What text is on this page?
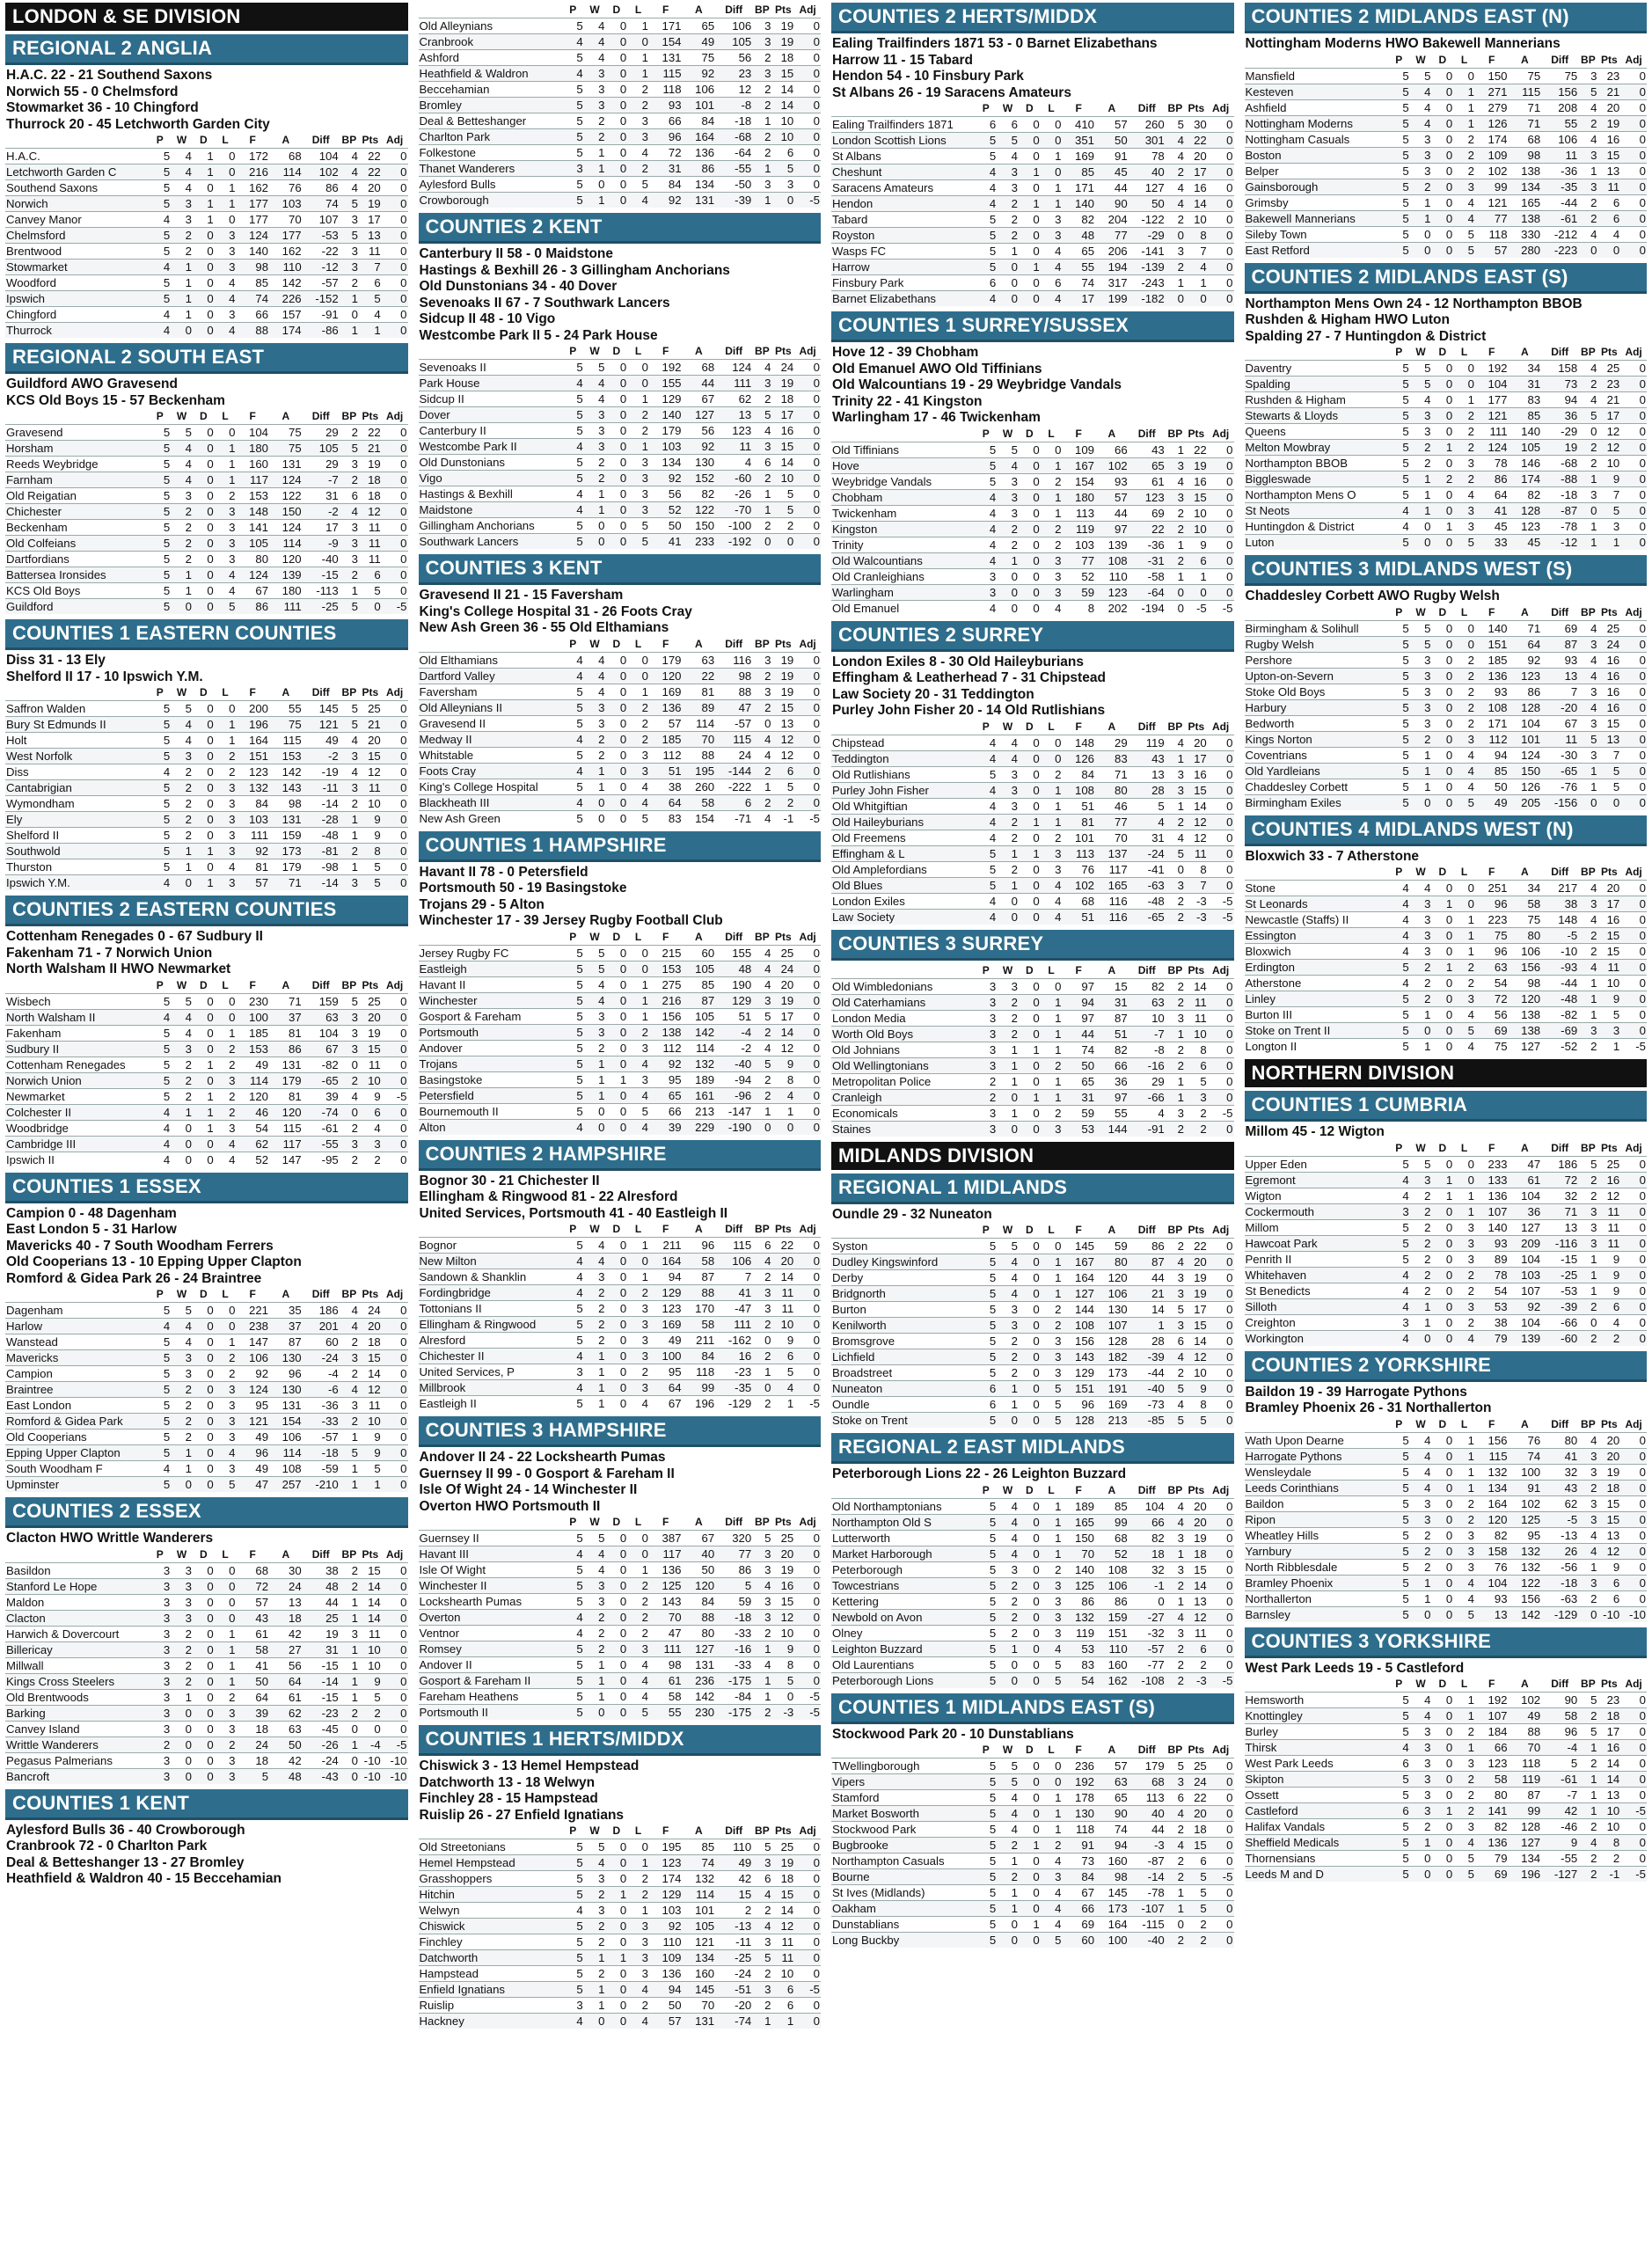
LONDON & SE DIVISION
REGIONAL 2 ANGLIA
H.A.C. 22 - 21 Southend Saxons
Norwich 55 - 0 Chelmsford
Stowmarket 36 - 10 Chingford
Thurrock 20 - 45 Letchworth Garden City
	P	W	D	L	F	A	Diff	BP	Pts	Adj
H.A.C.	5	4	1	0	172	68	104	4	22	0
Letchworth Garden C	5	4	1	0	216	114	102	4	22	0
Southend Saxons	5	4	0	1	162	76	86	4	20	0
Norwich	5	3	1	1	177	103	74	5	19	0
Canvey Manor	4	3	1	0	177	70	107	3	17	0
Chelmsford	5	2	0	3	124	177	-53	5	13	0
Brentwood	5	2	0	3	140	162	-22	3	11	0
Stowmarket	4	1	0	3	98	110	-12	3	7	0
Woodford	5	1	0	4	85	142	-57	2	6	0
Ipswich	5	1	0	4	74	226	-152	1	5	0
Chingford	4	1	0	3	66	157	-91	0	4	0
Thurrock	4	0	0	4	88	174	-86	1	1	0
REGIONAL 2 SOUTH EAST
Guildford AWO Gravesend
KCS Old Boys 15 - 57 Beckenham
	P	W	D	L	F	A	Diff	BP	Pts	Adj
Gravesend	5	5	0	0	104	75	29	2	22	0
Horsham	5	4	0	1	180	75	105	5	21	0
Reeds Weybridge	5	4	0	1	160	131	29	3	19	0
Farnham	5	4	0	1	117	124	-7	2	18	0
Old Reigatian	5	3	0	2	153	122	31	6	18	0
Chichester	5	2	0	3	148	150	-2	4	12	0
Beckenham	5	2	0	3	141	124	17	3	11	0
Old Colfeians	5	2	0	3	105	114	-9	3	11	0
Dartfordians	5	2	0	3	80	120	-40	3	11	0
Battersea Ironsides	5	1	0	4	124	139	-15	2	6	0
KCS Old Boys	5	1	0	4	67	180	-113	1	5	0
Guildford	5	0	0	5	86	111	-25	5	0	-5
COUNTIES 1 EASTERN COUNTIES
Diss 31 - 13 Ely
Shelford II 17 - 10 Ipswich Y.M.
	P	W	D	L	F	A	Diff	BP	Pts	Adj
Saffron Walden	5	5	0	0	200	55	145	5	25	0
Bury St Edmunds II	5	4	0	1	196	75	121	5	21	0
Holt	5	4	0	1	164	115	49	4	20	0
West Norfolk	5	3	0	2	151	153	-2	3	15	0
Diss	4	2	0	2	123	142	-19	4	12	0
Cantabrigian	5	2	0	3	132	143	-11	3	11	0
Wymondham	5	2	0	3	84	98	-14	2	10	0
Ely	5	2	0	3	103	131	-28	1	9	0
Shelford II	5	2	0	3	111	159	-48	1	9	0
Southwold	5	1	1	3	92	173	-81	2	8	0
Thurston	5	1	0	4	81	179	-98	1	5	0
Ipswich Y.M.	4	0	1	3	57	71	-14	3	5	0
COUNTIES 2 EASTERN COUNTIES
Cottenham Renegades 0 - 67 Sudbury II
Fakenham 71 - 7 Norwich Union
North Walsham II HWO Newmarket
	P	W	D	L	F	A	Diff	BP	Pts	Adj
Wisbech	5	5	0	0	230	71	159	5	25	0
North Walsham II	4	4	0	0	100	37	63	3	20	0
Fakenham	5	4	0	1	185	81	104	3	19	0
Sudbury II	5	3	0	2	153	86	67	3	15	0
Cottenham Renegades	5	2	1	2	49	131	-82	0	11	0
Norwich Union	5	2	0	3	114	179	-65	2	10	0
Newmarket	5	2	1	2	120	81	39	4	9	-5
Colchester II	4	1	1	2	46	120	-74	0	6	0
Woodbridge	4	0	1	3	54	115	-61	2	4	0
Cambridge III	4	0	0	4	62	117	-55	3	3	0
Ipswich II	4	0	0	4	52	147	-95	2	2	0
COUNTIES 1 ESSEX
Campion 0 - 48 Dagenham
East London 5 - 31 Harlow
Mavericks 40 - 7 South Woodham Ferrers
Old Cooperians 13 - 10 Epping Upper Clapton
Romford & Gidea Park 26 - 24 Braintree
	P	W	D	L	F	A	Diff	BP	Pts	Adj
Dagenham	5	5	0	0	221	35	186	4	24	0
Harlow	4	4	0	0	238	37	201	4	20	0
Wanstead	5	4	0	1	147	87	60	2	18	0
Mavericks	5	3	0	2	106	130	-24	3	15	0
Campion	5	3	0	2	92	96	-4	2	14	0
Braintree	5	2	0	3	124	130	-6	4	12	0
East London	5	2	0	3	95	131	-36	3	11	0
Romford & Gidea Park	5	2	0	3	121	154	-33	2	10	0
Old Cooperians	5	2	0	3	49	106	-57	1	9	0
Epping Upper Clapton	5	1	0	4	96	114	-18	5	9	0
South Woodham F	4	1	0	3	49	108	-59	1	5	0
Upminster	5	0	0	5	47	257	-210	1	1	0
COUNTIES 2 ESSEX
Clacton HWO Writtle Wanderers
	P	W	D	L	F	A	Diff	BP	Pts	Adj
Basildon	3	3	0	0	68	30	38	2	15	0
Stanford Le Hope	3	3	0	0	72	24	48	2	14	0
Maldon	3	3	0	0	57	13	44	1	14	0
Clacton	3	3	0	0	43	18	25	1	14	0
Harwich & Dovercourt	3	2	0	1	61	42	19	3	11	0
Billericay	3	2	0	1	58	27	31	1	10	0
Millwall	3	2	0	1	41	56	-15	1	10	0
Kings Cross Steelers	3	2	0	1	50	64	-14	1	9	0
Old Brentwoods	3	1	0	2	64	61	-15	1	5	0
Barking	3	0	0	3	39	62	-23	2	2	0
Canvey Island	3	0	0	3	18	63	-45	0	0	0
Writtle Wanderers	2	0	0	2	24	50	-26	1	-4	-5
Pegasus Palmerians	3	0	0	3	18	42	-24	0	-10	-10
Bancroft	3	0	0	3	5	48	-43	0	-10	-10
COUNTIES 1 KENT
Aylesford Bulls 36 - 40 Crowborough
Cranbrook 72 - 0 Charlton Park
Deal & Betteshanger 13 - 27 Bromley
Heathfield & Waldron 40 - 15 Beccehamian
	P	W	D	L	F	A	Diff	BP	Pts	Adj
Old Alleynians	5	4	0	1	171	65	106	3	19	0
Cranbrook	4	4	0	0	154	49	105	3	19	0
Ashford	5	4	0	1	131	75	56	2	18	0
Heathfield & Waldron	4	3	0	1	115	92	23	3	15	0
Beccehamian	5	3	0	2	118	106	12	2	14	0
Bromley	5	3	0	2	93	101	-8	2	14	0
Deal & Betteshanger	5	2	0	3	66	84	-18	1	10	0
Charlton Park	5	2	0	3	96	164	-68	2	10	0
Folkestone	5	1	0	4	72	136	-64	2	6	0
Thanet Wanderers	3	1	0	2	31	86	-55	1	5	0
Aylesford Bulls	5	0	0	5	84	134	-50	3	3	0
Crowborough	5	1	0	4	92	131	-39	1	0	-5
COUNTIES 2 KENT
Canterbury II 58 - 0 Maidstone
Hastings & Bexhill 26 - 3 Gillingham Anchorians
Old Dunstonians 34 - 40 Dover
Sevenoaks II 67 - 7 Southwark Lancers
Sidcup II 48 - 10 Vigo
Westcombe Park II 5 - 24 Park House
	P	W	D	L	F	A	Diff	BP	Pts	Adj
Sevenoaks II	5	5	0	0	192	68	124	4	24	0
Park House	4	4	0	0	155	44	111	3	19	0
Sidcup II	5	4	0	1	129	67	62	2	18	0
Dover	5	3	0	2	140	127	13	5	17	0
Canterbury II	5	3	0	2	179	56	123	4	16	0
Westcombe Park II	4	3	0	1	103	92	11	3	15	0
Old Dunstonians	5	2	0	3	134	130	4	6	14	0
Vigo	5	2	0	3	92	152	-60	2	10	0
Hastings & Bexhill	4	1	0	3	56	82	-26	1	5	0
Maidstone	4	1	0	3	52	122	-70	1	5	0
Gillingham Anchorians	5	0	0	5	50	150	-100	2	2	0
Southwark Lancers	5	0	0	5	41	233	-192	0	0	0
COUNTIES 3 KENT
Gravesend II 21 - 15 Faversham
King's College Hospital 31 - 26 Foots Cray
New Ash Green 36 - 55 Old Elthamians
	P	W	D	L	F	A	Diff	BP	Pts	Adj
Old Elthamians	4	4	0	0	179	63	116	3	19	0
Dartford Valley	4	4	0	0	120	22	98	2	19	0
Faversham	5	4	0	1	169	81	88	3	19	0
Old Alleynians II	5	3	0	2	136	89	47	2	15	0
Gravesend II	5	3	0	2	57	114	-57	0	13	0
Medway II	4	2	0	2	185	70	115	4	12	0
Whitstable	5	2	0	3	112	88	24	4	12	0
Foots Cray	4	1	0	3	51	195	-144	2	6	0
King's College Hospital	5	1	0	4	38	260	-222	1	5	0
Blackheath III	4	0	0	4	64	58	6	2	2	0
New Ash Green	5	0	0	5	83	154	-71	4	-1	-5
COUNTIES 1 HAMPSHIRE
Havant II 78 - 0 Petersfield
Portsmouth 50 - 19 Basingstoke
Trojans 29 - 5 Alton
Winchester 17 - 39 Jersey Rugby Football Club
	P	W	D	L	F	A	Diff	BP	Pts	Adj
Jersey Rugby FC	5	5	0	0	215	60	155	4	25	0
Eastleigh	5	5	0	0	153	105	48	4	24	0
Havant II	5	4	0	1	275	85	190	4	20	0
Winchester	5	4	0	1	216	87	129	3	19	0
Gosport & Fareham	5	3	0	1	156	105	51	5	17	0
Portsmouth	5	3	0	2	138	142	-4	2	14	0
Andover	5	2	0	3	112	114	-2	4	12	0
Trojans	5	1	0	4	92	132	-40	5	9	0
Basingstoke	5	1	1	3	95	189	-94	2	8	0
Petersfield	5	1	0	4	65	161	-96	2	4	0
Bournemouth II	5	0	0	5	66	213	-147	1	1	0
Alton	4	0	0	4	39	229	-190	0	0	0
COUNTIES 2 HAMPSHIRE
Bognor 30 - 21 Chichester II
Ellingham & Ringwood 81 - 22 Alresford
United Services, Portsmouth 41 - 40 Eastleigh II
	P	W	D	L	F	A	Diff	BP	Pts	Adj
Bognor	5	4	0	1	211	96	115	6	22	0
New Milton	4	4	0	0	164	58	106	4	20	0
Sandown & Shanklin	4	3	0	1	94	87	7	2	14	0
Fordingbridge	4	2	0	2	129	88	41	3	11	0
Tottonians II	5	2	0	3	123	170	-47	3	11	0
Ellingham & Ringwood	5	2	0	3	169	58	111	2	10	0
Alresford	5	2	0	3	49	211	-162	0	9	0
Chichester II	4	1	0	3	100	84	16	2	6	0
United Services, P	3	1	0	2	95	118	-23	1	5	0
Millbrook	4	1	0	3	64	99	-35	0	4	0
Eastleigh II	5	1	0	4	67	196	-129	2	1	-5
COUNTIES 3 HAMPSHIRE
Andover II 24 - 22 Lockshearth Pumas
Guernsey II 99 - 0 Gosport & Fareham II
Isle Of Wight 24 - 14 Winchester II
Overton HWO Portsmouth II
	P	W	D	L	F	A	Diff	BP	Pts	Adj
Guernsey II	5	5	0	0	387	67	320	5	25	0
Havant III	4	4	0	0	117	40	77	3	20	0
Isle Of Wight	5	4	0	1	136	50	86	3	19	0
Winchester II	5	3	0	2	125	120	5	4	16	0
Lockshearth Pumas	5	3	0	2	143	84	59	3	15	0
Overton	4	2	0	2	70	88	-18	3	12	0
Ventnor	4	2	0	2	47	80	-33	2	10	0
Romsey	5	2	0	3	111	127	-16	1	9	0
Andover II	5	1	0	4	98	131	-33	4	8	0
Gosport & Fareham II	5	1	0	4	61	236	-175	1	5	0
Fareham Heathens	5	1	0	4	58	142	-84	1	0	-5
Portsmouth II	5	0	0	5	55	230	-175	2	-3	-5
COUNTIES 1 HERTS/MIDDX
Chiswick 3 - 13 Hemel Hempstead
Datchworth 13 - 18 Welwyn
Finchley 28 - 15 Hampstead
Ruislip 26 - 27 Enfield Ignatians
	P	W	D	L	F	A	Diff	BP	Pts	Adj
Old Streetonians	5	5	0	0	195	85	110	5	25	0
Hemel Hempstead	5	4	0	1	123	74	49	3	19	0
Grasshoppers	5	3	0	2	174	132	42	6	18	0
Hitchin	5	2	1	2	129	114	15	4	15	0
Welwyn	4	3	0	1	103	101	2	2	14	0
Chiswick	5	2	0	3	92	105	-13	4	12	0
Finchley	5	2	0	3	110	121	-11	3	11	0
Datchworth	5	1	1	3	109	134	-25	5	11	0
Hampstead	5	2	0	3	136	160	-24	2	10	0
Enfield Ignatians	5	1	0	4	94	145	-51	3	6	-5
Ruislip	3	1	0	2	50	70	-20	2	6	0
Hackney	4	0	0	4	57	131	-74	1	1	0
COUNTIES 2 HERTS/MIDDX
Ealing Trailfinders 1871 53 - 0 Barnet Elizabethans
Harrow 11 - 15 Tabard
Hendon 54 - 10 Finsbury Park
St Albans 26 - 19 Saracens Amateurs
	P	W	D	L	F	A	Diff	BP	Pts	Adj
Ealing Trailfinders 1871	6	6	0	0	410	57	260	5	30	0
London Scottish Lions	5	5	0	0	351	50	301	4	22	0
St Albans	5	4	0	1	169	91	78	4	20	0
Cheshunt	4	3	1	0	85	45	40	2	17	0
Saracens Amateurs	4	3	0	1	171	44	127	4	16	0
Hendon	4	2	1	1	140	90	50	4	14	0
Tabard	5	2	0	3	82	204	-122	2	10	0
Royston	5	2	0	3	48	77	-29	0	8	0
Wasps FC	5	1	0	4	65	206	-141	3	7	0
Harrow	5	0	1	4	55	194	-139	2	4	0
Finsbury Park	6	0	0	6	74	317	-243	1	1	0
Barnet Elizabethans	4	0	0	4	17	199	-182	0	0	0
COUNTIES 1 SURREY/SUSSEX
Hove 12 - 39 Chobham
Old Emanuel AWO Old Tiffinians
Old Walcountians 19 - 29 Weybridge Vandals
Trinity 22 - 41 Kingston
Warlingham 17 - 46 Twickenham
	P	W	D	L	F	A	Diff	BP	Pts	Adj
Old Tiffinians	5	5	0	0	109	66	43	1	22	0
Hove	5	4	0	1	167	102	65	3	19	0
Weybridge Vandals	5	3	0	2	154	93	61	4	16	0
Chobham	4	3	0	1	180	57	123	3	15	0
Twickenham	4	3	0	1	113	44	69	2	10	0
Kingston	4	2	0	2	119	97	22	2	10	0
Trinity	4	2	0	2	103	139	-36	1	9	0
Old Walcountians	4	1	0	3	77	108	-31	2	6	0
Old Cranleighians	3	0	0	3	52	110	-58	1	1	0
Warlingham	3	0	0	3	59	123	-64	0	0	0
Old Emanuel	4	0	0	4	8	202	-194	0	-5	-5
COUNTIES 2 SURREY
London Exiles 8 - 30 Old Haileyburians
Effingham & Leatherhead 7 - 31 Chipstead
Law Society 20 - 31 Teddington
Purley John Fisher 20 - 14 Old Rutlishians
	P	W	D	L	F	A	Diff	BP	Pts	Adj
Chipstead	4	4	0	0	148	29	119	4	20	0
Teddington	4	4	0	0	126	83	43	1	17	0
Old Rutlishians	5	3	0	2	84	71	13	3	16	0
Purley John Fisher	4	3	0	1	108	80	28	3	15	0
Old Whitgiftian	4	3	0	1	51	46	5	1	14	0
Old Haileyburians	4	2	1	1	81	77	4	2	12	0
Old Freemens	4	2	0	2	101	70	31	4	12	0
Effingham & L	5	1	1	3	113	137	-24	5	11	0
Old Amplefordians	5	2	0	3	76	117	-41	0	8	0
Old Blues	5	1	0	4	102	165	-63	3	7	0
London Exiles	4	0	0	4	68	116	-48	2	-3	-5
Law Society	4	0	0	4	51	116	-65	2	-3	-5
COUNTIES 3 SURREY
	P	W	D	L	F	A	Diff	BP	Pts	Adj
Old Wimbledonians	3	3	0	0	97	15	82	2	14	0
Old Caterhamians	3	2	0	1	94	31	63	2	11	0
London Media	3	2	0	1	97	87	10	3	11	0
Worth Old Boys	3	2	0	1	44	51	-7	1	10	0
Old Johnians	3	1	1	1	74	82	-8	2	8	0
Old Wellingtonians	3	1	0	2	50	66	-16	2	6	0
Metropolitan Police	2	1	0	1	65	36	29	1	5	0
Cranleigh	2	0	1	1	31	97	-66	1	3	0
Economicals	3	1	0	2	59	55	4	3	2	-5
Staines	3	0	0	3	53	144	-91	2	2	0
MIDLANDS DIVISION
REGIONAL 1 MIDLANDS
Oundle 29 - 32 Nuneaton
	P	W	D	L	F	A	Diff	BP	Pts	Adj
Syston	5	5	0	0	145	59	86	2	22	0
Dudley Kingswinford	5	4	0	1	167	80	87	4	20	0
Derby	5	4	0	1	164	120	44	3	19	0
Bridgnorth	5	4	0	1	127	106	21	3	19	0
Burton	5	3	0	2	144	130	14	5	17	0
Kenilworth	5	3	0	2	108	107	1	3	15	0
Bromsgrove	5	2	0	3	156	128	28	6	14	0
Lichfield	5	2	0	3	143	182	-39	4	12	0
Broadstreet	5	2	0	3	129	173	-44	2	10	0
Nuneaton	6	1	0	5	151	191	-40	5	9	0
Oundle	6	1	0	5	96	169	-73	4	8	0
Stoke on Trent	5	0	0	5	128	213	-85	5	5	0
REGIONAL 2 EAST MIDLANDS
Peterborough Lions 22 - 26 Leighton Buzzard
	P	W	D	L	F	A	Diff	BP	Pts	Adj
Old Northamptonians	5	4	0	1	189	85	104	4	20	0
Northampton Old S	5	4	0	1	165	99	66	4	20	0
Lutterworth	5	4	0	1	150	68	82	3	19	0
Market Harborough	5	4	0	1	70	52	18	1	18	0
Peterborough	5	3	0	2	140	108	32	3	15	0
Towcestrians	5	2	0	3	125	106	-1	2	14	0
Kettering	5	2	0	3	86	86	0	1	13	0
Newbold on Avon	5	2	0	3	132	159	-27	4	12	0
Olney	5	2	0	3	119	151	-32	3	11	0
Leighton Buzzard	5	1	0	4	53	110	-57	2	6	0
Old Laurentians	5	0	0	5	83	160	-77	2	2	0
Peterborough Lions	5	0	0	5	54	162	-108	2	-3	-5
COUNTIES 1 MIDLANDS EAST (S)
Stockwood Park 20 - 10 Dunstablians
	P	W	D	L	F	A	Diff	BP	Pts	Adj
TWellingborough	5	5	0	0	236	57	179	5	25	0
Vipers	5	5	0	0	192	63	68	3	24	0
Stamford	5	4	0	1	178	65	113	6	22	0
Market Bosworth	5	4	0	1	130	90	40	4	20	0
Stockwood Park	5	4	0	1	118	74	44	2	18	0
Bugbrooke	5	2	1	2	91	94	-3	4	15	0
Northampton Casuals	5	1	0	4	73	160	-87	2	6	0
Bourne	5	2	0	3	84	98	-14	2	5	-5
St Ives (Midlands)	5	1	0	4	67	145	-78	1	5	0
Oakham	5	1	0	4	66	173	-107	1	5	0
Dunstablians	5	0	1	4	69	164	-115	0	2	0
Long Buckby	5	0	0	5	60	100	-40	2	2	0
COUNTIES 2 MIDLANDS EAST (N)
Nottingham Moderns HWO Bakewell Mannerians
	P	W	D	L	F	A	Diff	BP	Pts	Adj
Mansfield	5	5	0	0	150	75	75	3	23	0
Kesteven	5	4	0	1	271	115	156	5	21	0
Ashfield	5	4	0	1	279	71	208	4	20	0
Nottingham Moderns	5	4	0	1	126	71	55	2	19	0
Nottingham Casuals	5	3	0	2	174	68	106	4	16	0
Boston	5	3	0	2	109	98	11	3	15	0
Belper	5	3	0	2	102	138	-36	1	13	0
Gainsborough	5	2	0	3	99	134	-35	3	11	0
Grimsby	5	1	0	4	121	165	-44	2	6	0
Bakewell Mannerians	5	1	0	4	77	138	-61	2	6	0
Sileby Town	5	0	0	5	118	330	-212	4	4	0
East Retford	5	0	0	5	57	280	-223	0	0	0
COUNTIES 2 MIDLANDS EAST (S)
Northampton Mens Own 24 - 12 Northampton BBOB
Rushden & Higham HWO Luton
Spalding 27 - 7 Huntingdon & District
	P	W	D	L	F	A	Diff	BP	Pts	Adj
Daventry	5	5	0	0	192	34	158	4	25	0
Spalding	5	5	0	0	104	31	73	2	23	0
Rushden & Higham	5	4	0	1	177	83	94	4	21	0
Stewarts & Lloyds	5	3	0	2	121	85	36	5	17	0
Queens	5	3	0	2	111	140	-29	0	12	0
Melton Mowbray	5	2	1	2	124	105	19	2	12	0
Northampton BBOB	5	2	0	3	78	146	-68	2	10	0
Biggleswade	5	1	2	2	86	174	-88	1	9	0
Northampton Mens O	5	1	0	4	64	82	-18	3	7	0
St Neots	4	1	0	3	41	128	-87	0	5	0
Huntingdon & District	4	0	1	3	45	123	-78	1	3	0
Luton	5	0	0	5	33	45	-12	1	1	0
COUNTIES 3 MIDLANDS WEST (S)
Chaddesley Corbett AWO Rugby Welsh
	P	W	D	L	F	A	Diff	BP	Pts	Adj
Birmingham & Solihull	5	5	0	0	140	71	69	4	25	0
Rugby Welsh	5	5	0	0	151	64	87	3	24	0
Pershore	5	3	0	2	185	92	93	4	16	0
Upton-on-Severn	5	3	0	2	136	123	13	4	16	0
Stoke Old Boys	5	3	0	2	93	86	7	3	16	0
Harbury	5	3	0	2	108	128	-20	4	16	0
Bedworth	5	3	0	2	171	104	67	3	15	0
Kings Norton	5	2	0	3	112	101	11	5	13	0
Coventrians	5	1	0	4	94	124	-30	3	7	0
Old Yardleians	5	1	0	4	85	150	-65	1	5	0
Chaddesley Corbett	5	1	0	4	50	126	-76	1	5	0
Birmingham Exiles	5	0	0	5	49	205	-156	0	0	0
COUNTIES 4 MIDLANDS WEST (N)
Bloxwich 33 - 7 Atherstone
	P	W	D	L	F	A	Diff	BP	Pts	Adj
Stone	4	4	0	0	251	34	217	4	20	0
St Leonards	4	3	1	0	96	58	38	3	17	0
Newcastle (Staffs) II	4	3	0	1	223	75	148	4	16	0
Essington	4	3	0	1	75	80	-5	2	15	0
Bloxwich	4	3	0	1	96	106	-10	2	15	0
Erdington	5	2	1	2	63	156	-93	4	11	0
Atherstone	4	2	0	2	54	98	-44	1	10	0
Linley	5	2	0	3	72	120	-48	1	9	0
Burton III	5	1	0	4	56	138	-82	1	5	0
Stoke on Trent II	5	0	0	5	69	138	-69	3	3	0
Longton II	5	1	0	4	75	127	-52	2	1	-5
NORTHERN DIVISION
COUNTIES 1 CUMBRIA
Millom 45 - 12 Wigton
	P	W	D	L	F	A	Diff	BP	Pts	Adj
Upper Eden	5	5	0	0	233	47	186	5	25	0
Egremont	4	3	1	0	133	61	72	2	16	0
Wigton	4	2	1	1	136	104	32	2	12	0
Cockermouth	3	2	0	1	107	36	71	3	11	0
Millom	5	2	0	3	140	127	13	3	11	0
Hawcoat Park	5	2	0	3	93	209	-116	3	11	0
Penrith II	5	2	0	3	89	104	-15	1	9	0
Whitehaven	4	2	0	2	78	103	-25	1	9	0
St Benedicts	4	2	0	2	54	107	-53	1	9	0
Silloth	4	1	0	3	53	92	-39	2	6	0
Creighton	3	1	0	2	38	104	-66	0	4	0
Workington	4	0	0	4	79	139	-60	2	2	0
COUNTIES 2 YORKSHIRE
Baildon 19 - 39 Harrogate Pythons
Bramley Phoenix 26 - 31 Northallerton
	P	W	D	L	F	A	Diff	BP	Pts	Adj
Wath Upon Dearne	5	4	0	1	156	76	80	4	20	0
Harrogate Pythons	5	4	0	1	115	74	41	3	20	0
Wensleydale	5	4	0	1	132	100	32	3	19	0
Leeds Corinthians	5	4	0	1	134	91	43	2	18	0
Baildon	5	3	0	2	164	102	62	3	15	0
Ripon	5	3	0	2	120	125	-5	3	15	0
Wheatley Hills	5	2	0	3	82	95	-13	4	13	0
Yarnbury	5	2	0	3	158	132	26	4	12	0
North Ribblesdale	5	2	0	3	76	132	-56	1	9	0
Bramley Phoenix	5	1	0	4	104	122	-18	3	6	0
Northallerton	5	1	0	4	93	156	-63	2	6	0
Barnsley	5	0	0	5	13	142	-129	0	-10	-10
COUNTIES 3 YORKSHIRE
West Park Leeds 19 - 5 Castleford
	P	W	D	L	F	A	Diff	BP	Pts	Adj
Hemsworth	5	4	0	1	192	102	90	5	23	0
Knottingley	5	4	0	1	107	49	58	2	18	0
Burley	5	3	0	2	184	88	96	5	17	0
Thirsk	4	3	0	1	66	70	-4	1	16	0
West Park Leeds	6	3	0	3	123	118	5	2	14	0
Skipton	5	3	0	2	58	119	-61	1	14	0
Ossett	5	3	0	2	80	87	-7	1	13	0
Castleford	6	3	1	2	141	99	42	1	10	-5
Halifax Vandals	5	2	0	3	82	128	-46	2	10	0
Sheffield Medicals	5	1	0	4	136	127	9	4	8	0
Thornensians	5	0	0	5	79	134	-55	2	2	0
Leeds M and D	5	0	0	5	69	196	-127	2	-1	-5
